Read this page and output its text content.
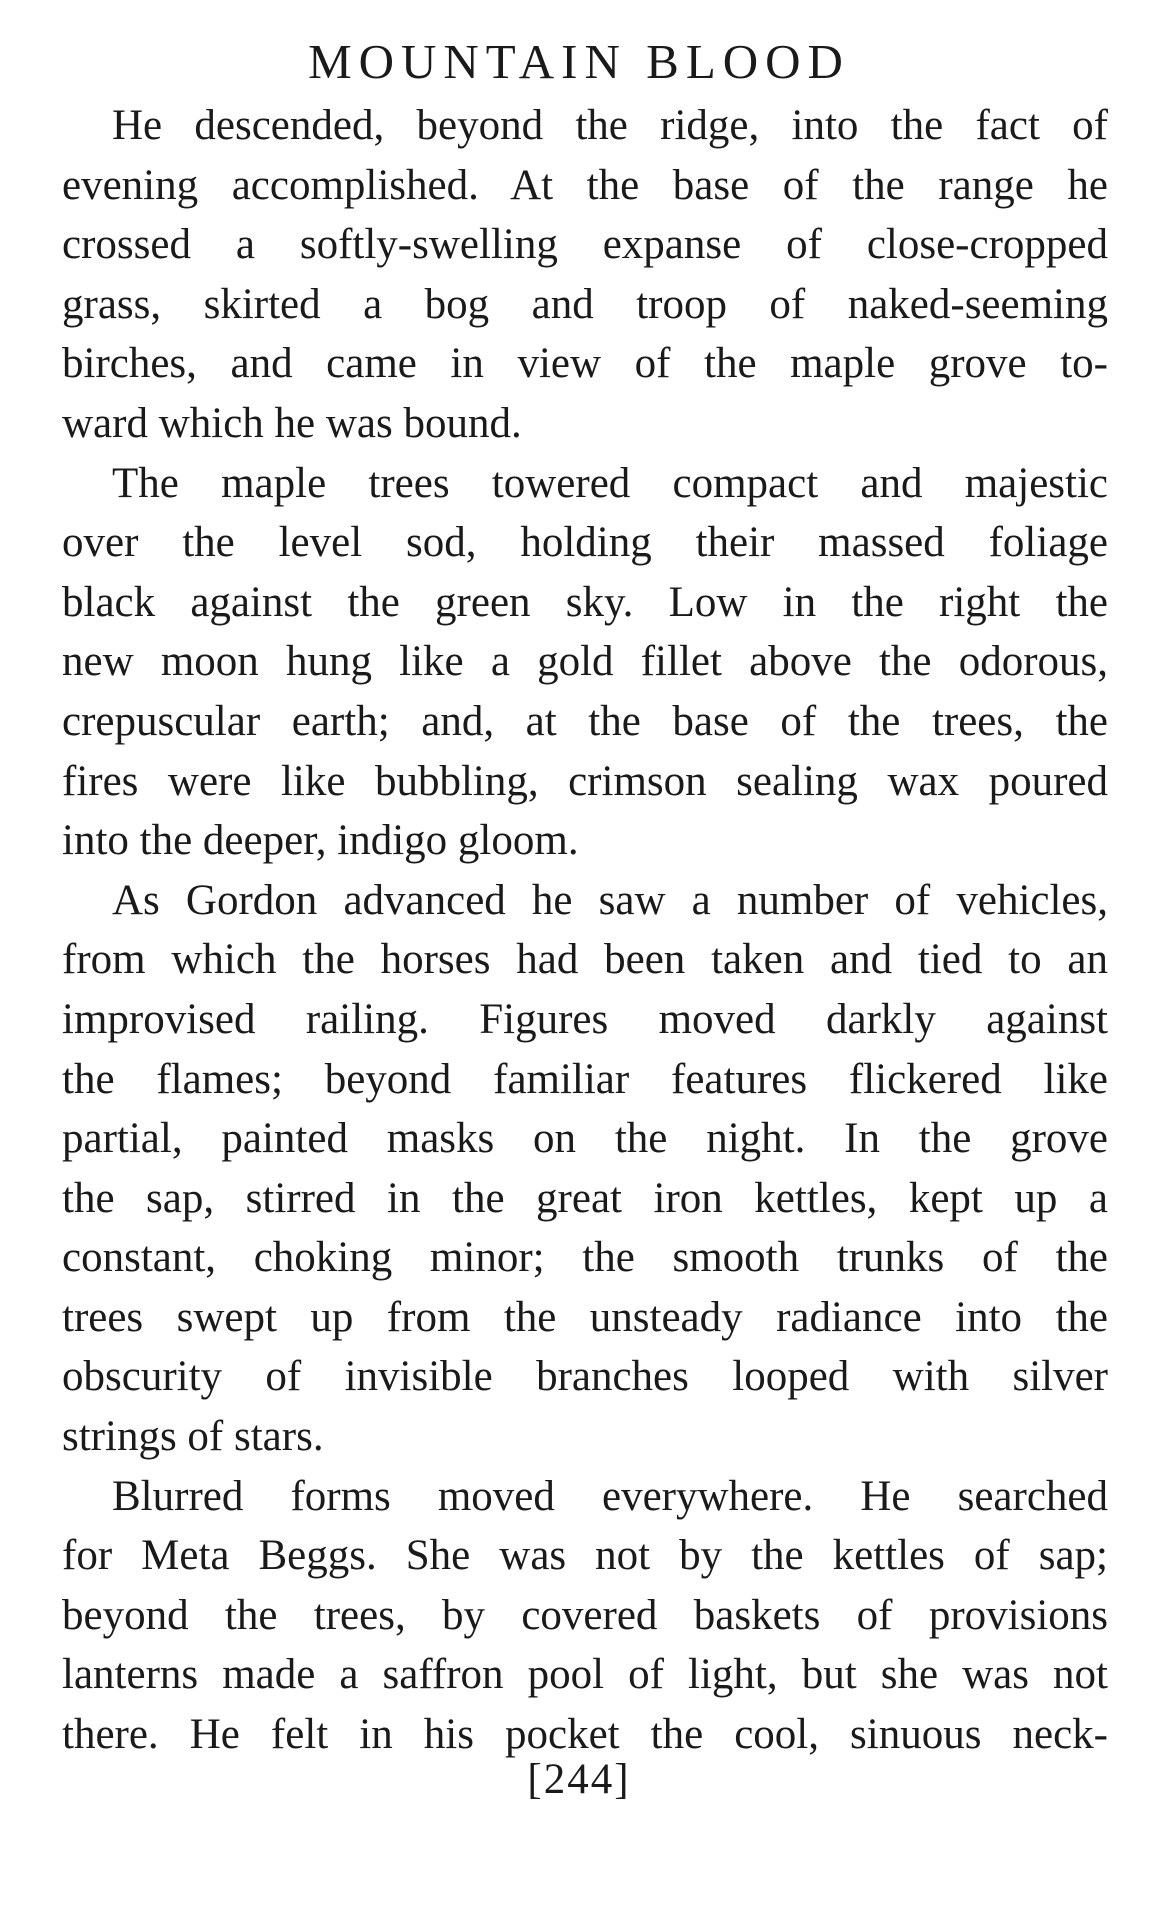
MOUNTAIN BLOOD
He descended, beyond the ridge, into the fact of
evening accomplished. At the base of the range he
crossed a softly-swelling expanse of close-cropped
grass, skirted a bog and troop of naked-seeming
birches, and came in view of the maple grove to-
ward which he was bound.
The maple trees towered compact and majestic
over the level sod, holding their massed foliage
black against the green sky. Low in the right the
new moon hung like a gold fillet above the odorous,
crepuscular earth; and, at the base of the trees, the
fires were like bubbling, crimson sealing wax poured
into the deeper, indigo gloom.
As Gordon advanced he saw a number of vehicles,
from which the horses had been taken and tied to an
improvised railing. Figures moved darkly against
the flames; beyond familiar features flickered like
partial, painted masks on the night. In the grove
the sap, stirred in the great iron kettles, kept up a
constant, choking minor; the smooth trunks of the
trees swept up from the unsteady radiance into the
obscurity of invisible branches looped with silver
strings of stars.
Blurred forms moved everywhere. He searched
for Meta Beggs. She was not by the kettles of sap;
beyond the trees, by covered baskets of provisions
lanterns made a saffron pool of light, but she was not
there. He felt in his pocket the cool, sinuous neck-
[244]
